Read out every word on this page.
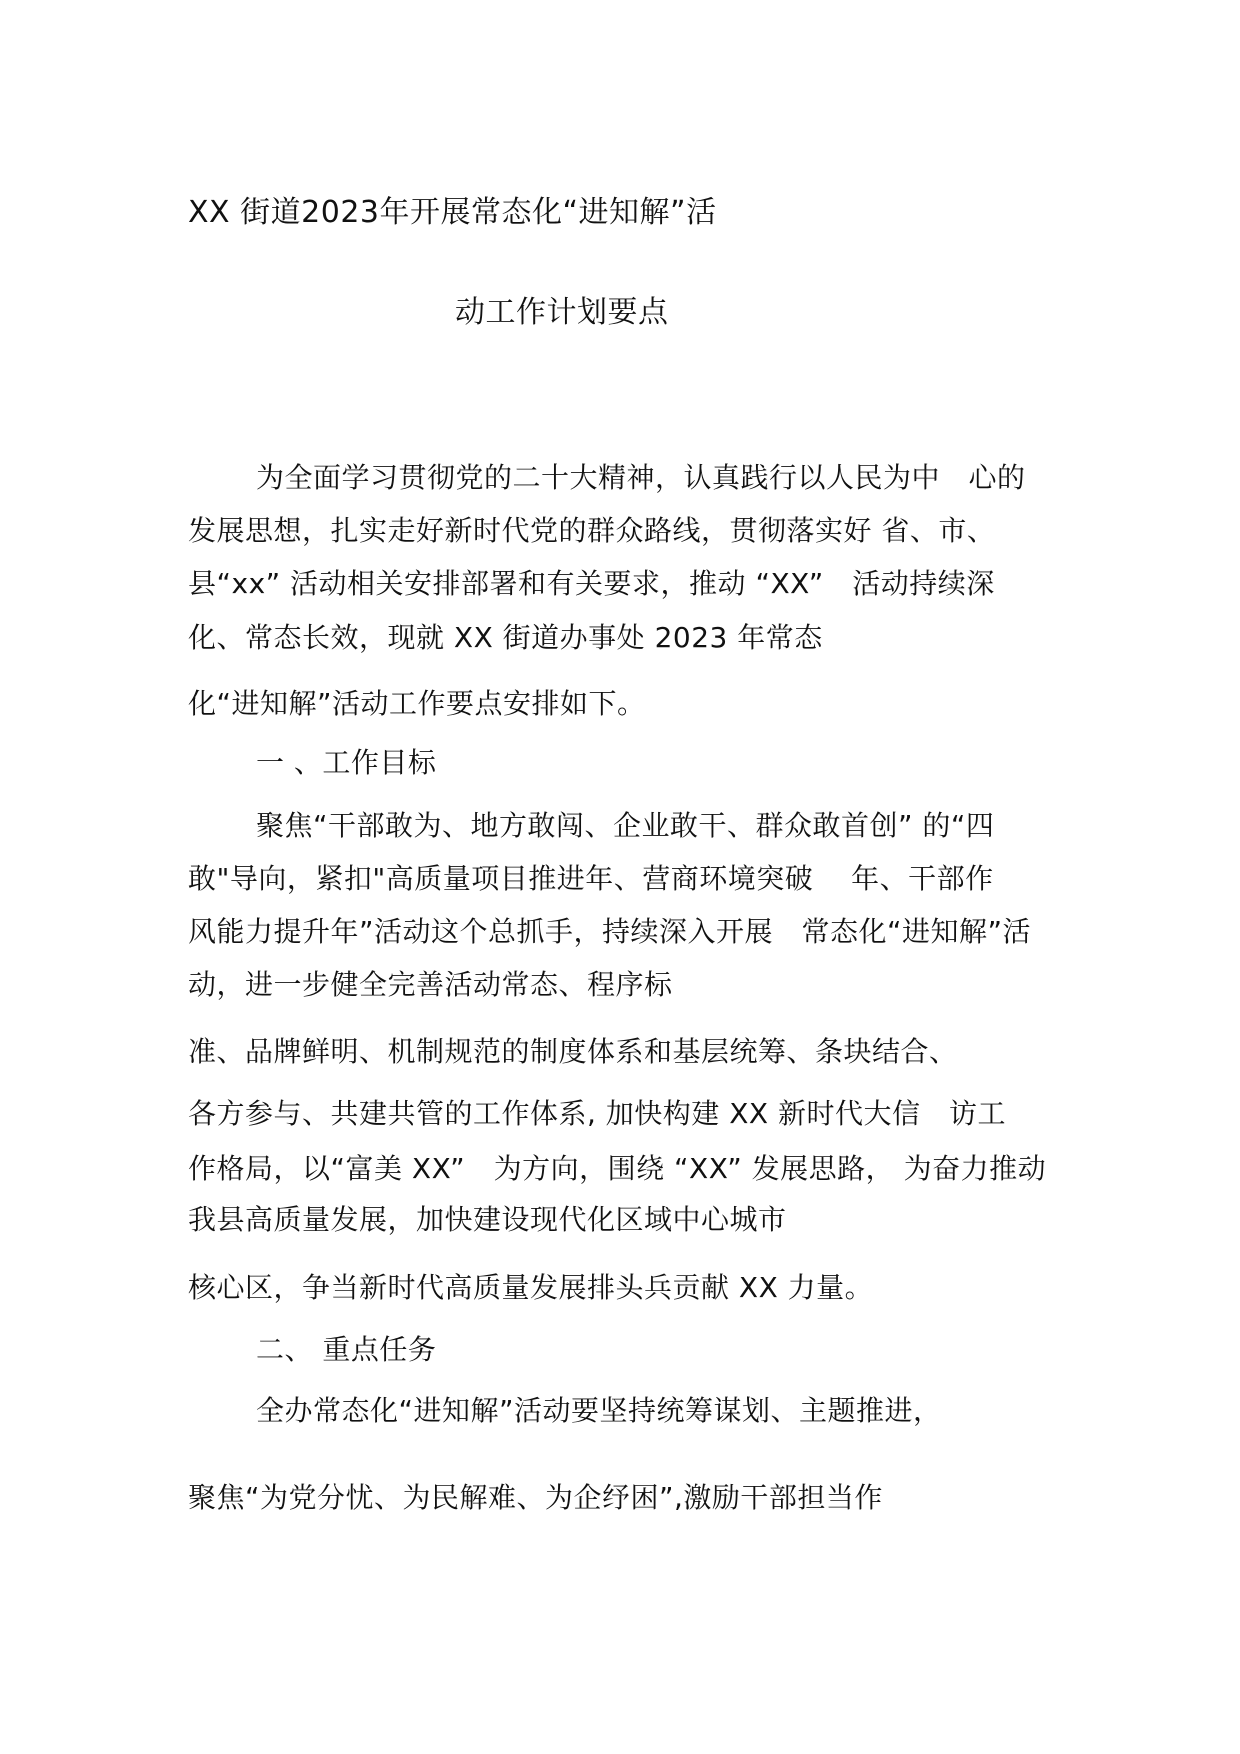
XX 街道2023年开展常态化“进知解”活
动工作计划要点
为全面学习贯彻党的二十大精神，认真践行以人民为中　心的
发展思想，扎实走好新时代党的群众路线，贯彻落实好 省、市、
县“xx” 活动相关安排部署和有关要求，推动 “XX”　活动持续深
化、常态长效，现就 XX 街道办事处 2023 年常态
化“进知解”活动工作要点安排如下。
一 、工作目标
聚焦“干部敢为、地方敢闯、企业敢干、群众敢首创” 的“四
敢"导向，紧扣"高质量项目推进年、营商环境突破　 年、干部作
风能力提升年”活动这个总抓手，持续深入开展　常态化“进知解”活
动，进一步健全完善活动常态、程序标
准、品牌鲜明、机制规范的制度体系和基层统筹、条块结合、
各方参与、共建共管的工作体系, 加快构建 XX 新时代大信　访工
作格局，以“富美 XX”　为方向，围绕 “XX” 发展思路， 为奋力推动
我县高质量发展，加快建设现代化区域中心城市
核心区，争当新时代高质量发展排头兵贡献 XX 力量。
二、 重点任务
全办常态化“进知解”活动要坚持统筹谋划、主题推进，
聚焦“为党分忧、为民解难、为企纾困”,激励干部担当作
